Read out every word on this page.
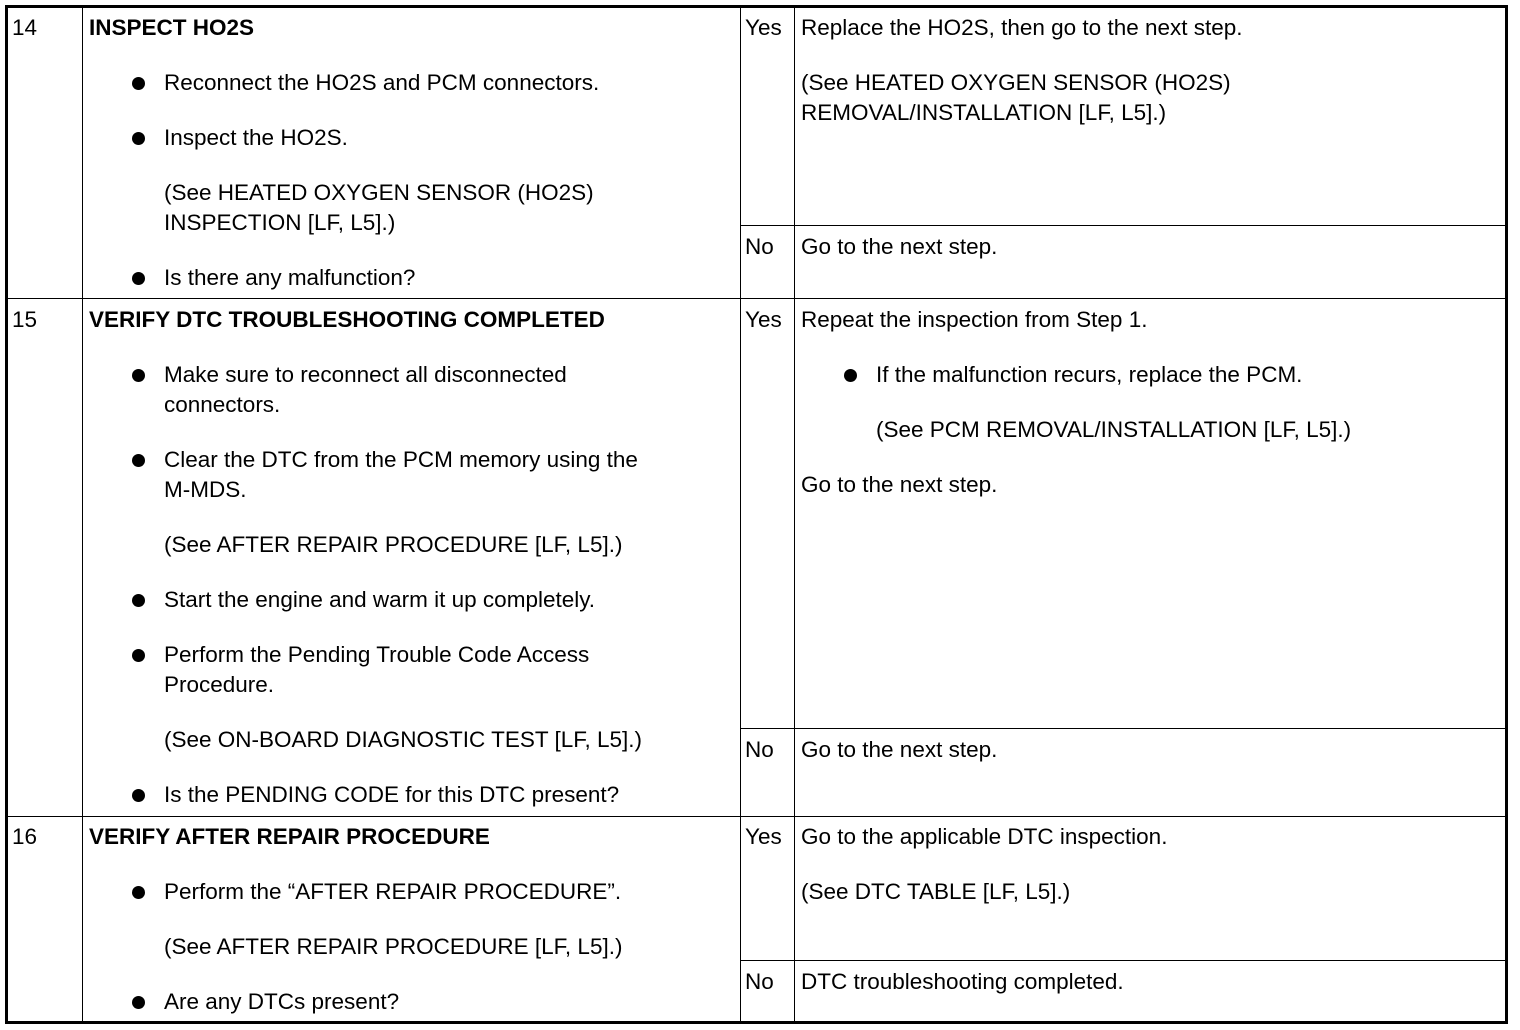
14 INSPECT HO2S
Reconnect the HO2S and PCM connectors.
Inspect the HO2S.
(See HEATED OXYGEN SENSOR (HO2S)
INSPECTION [LF, L5].)
Is there any malfunction?
Yes Replace the HO2S, then go to the next step.
(See HEATED OXYGEN SENSOR (HO2S)
REMOVAL/INSTALLATION [LF, L5].)
No Go to the next step.
15 VERIFY DTC TROUBLESHOOTING COMPLETED
Make sure to reconnect all disconnected
connectors.
Clear the DTC from the PCM memory using the
M-MDS.
(See AFTER REPAIR PROCEDURE [LF, L5].)
Start the engine and warm it up completely.
Perform the Pending Trouble Code Access
Procedure.
(See ON-BOARD DIAGNOSTIC TEST [LF, L5].)
Is the PENDING CODE for this DTC present?
Yes Repeat the inspection from Step 1.
If the malfunction recurs, replace the PCM.
(See PCM REMOVAL/INSTALLATION [LF, L5].)
Go to the next step.
No Go to the next step.
16 VERIFY AFTER REPAIR PROCEDURE
Perform the “AFTER REPAIR PROCEDURE”.
(See AFTER REPAIR PROCEDURE [LF, L5].)
Are any DTCs present?
Yes Go to the applicable DTC inspection.
(See DTC TABLE [LF, L5].)
No DTC troubleshooting completed.
